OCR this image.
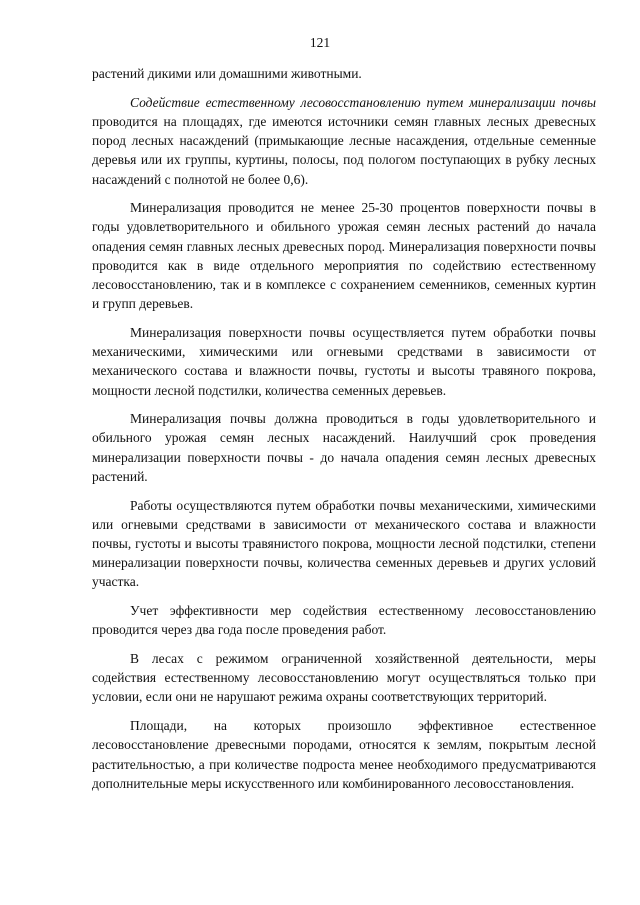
121

растений дикими или домашними животными.

Содействие естественному лесовосстановлению путем минерализации почвы проводится на площадях, где имеются источники семян главных лесных древесных пород лесных насаждений (примыкающие лесные насаждения, отдельные семенные деревья или их группы, куртины, полосы, под пологом поступающих в рубку лесных насаждений с полнотой не более 0,6).

Минерализация проводится не менее 25-30 процентов поверхности почвы в годы удовлетворительного и обильного урожая семян лесных растений до начала опадения семян главных лесных древесных пород. Минерализация поверхности почвы проводится как в виде отдельного мероприятия по содействию естественному лесовосстановлению, так и в комплексе с сохранением семенников, семенных куртин и групп деревьев.

Минерализация поверхности почвы осуществляется путем обработки почвы механическими, химическими или огневыми средствами в зависимости от механического состава и влажности почвы, густоты и высоты травяного покрова, мощности лесной подстилки, количества семенных деревьев.

Минерализация почвы должна проводиться в годы удовлетворительного и обильного урожая семян лесных насаждений. Наилучший срок проведения минерализации поверхности почвы - до начала опадения семян лесных древесных растений.

Работы осуществляются путем обработки почвы механическими, химическими или огневыми средствами в зависимости от механического состава и влажности почвы, густоты и высоты травянистого покрова, мощности лесной подстилки, степени минерализации поверхности почвы, количества семенных деревьев и других условий участка.

Учет эффективности мер содействия естественному лесовосстановлению проводится через два года после проведения работ.

В лесах с режимом ограниченной хозяйственной деятельности, меры содействия естественному лесовосстановлению могут осуществляться только при условии, если они не нарушают режима охраны соответствующих территорий.

Площади, на которых произошло эффективное естественное лесовосстановление древесными породами, относятся к землям, покрытым лесной растительностью, а при количестве подроста менее необходимого предусматриваются дополнительные меры искусственного или комбинированного лесовосстановления.
